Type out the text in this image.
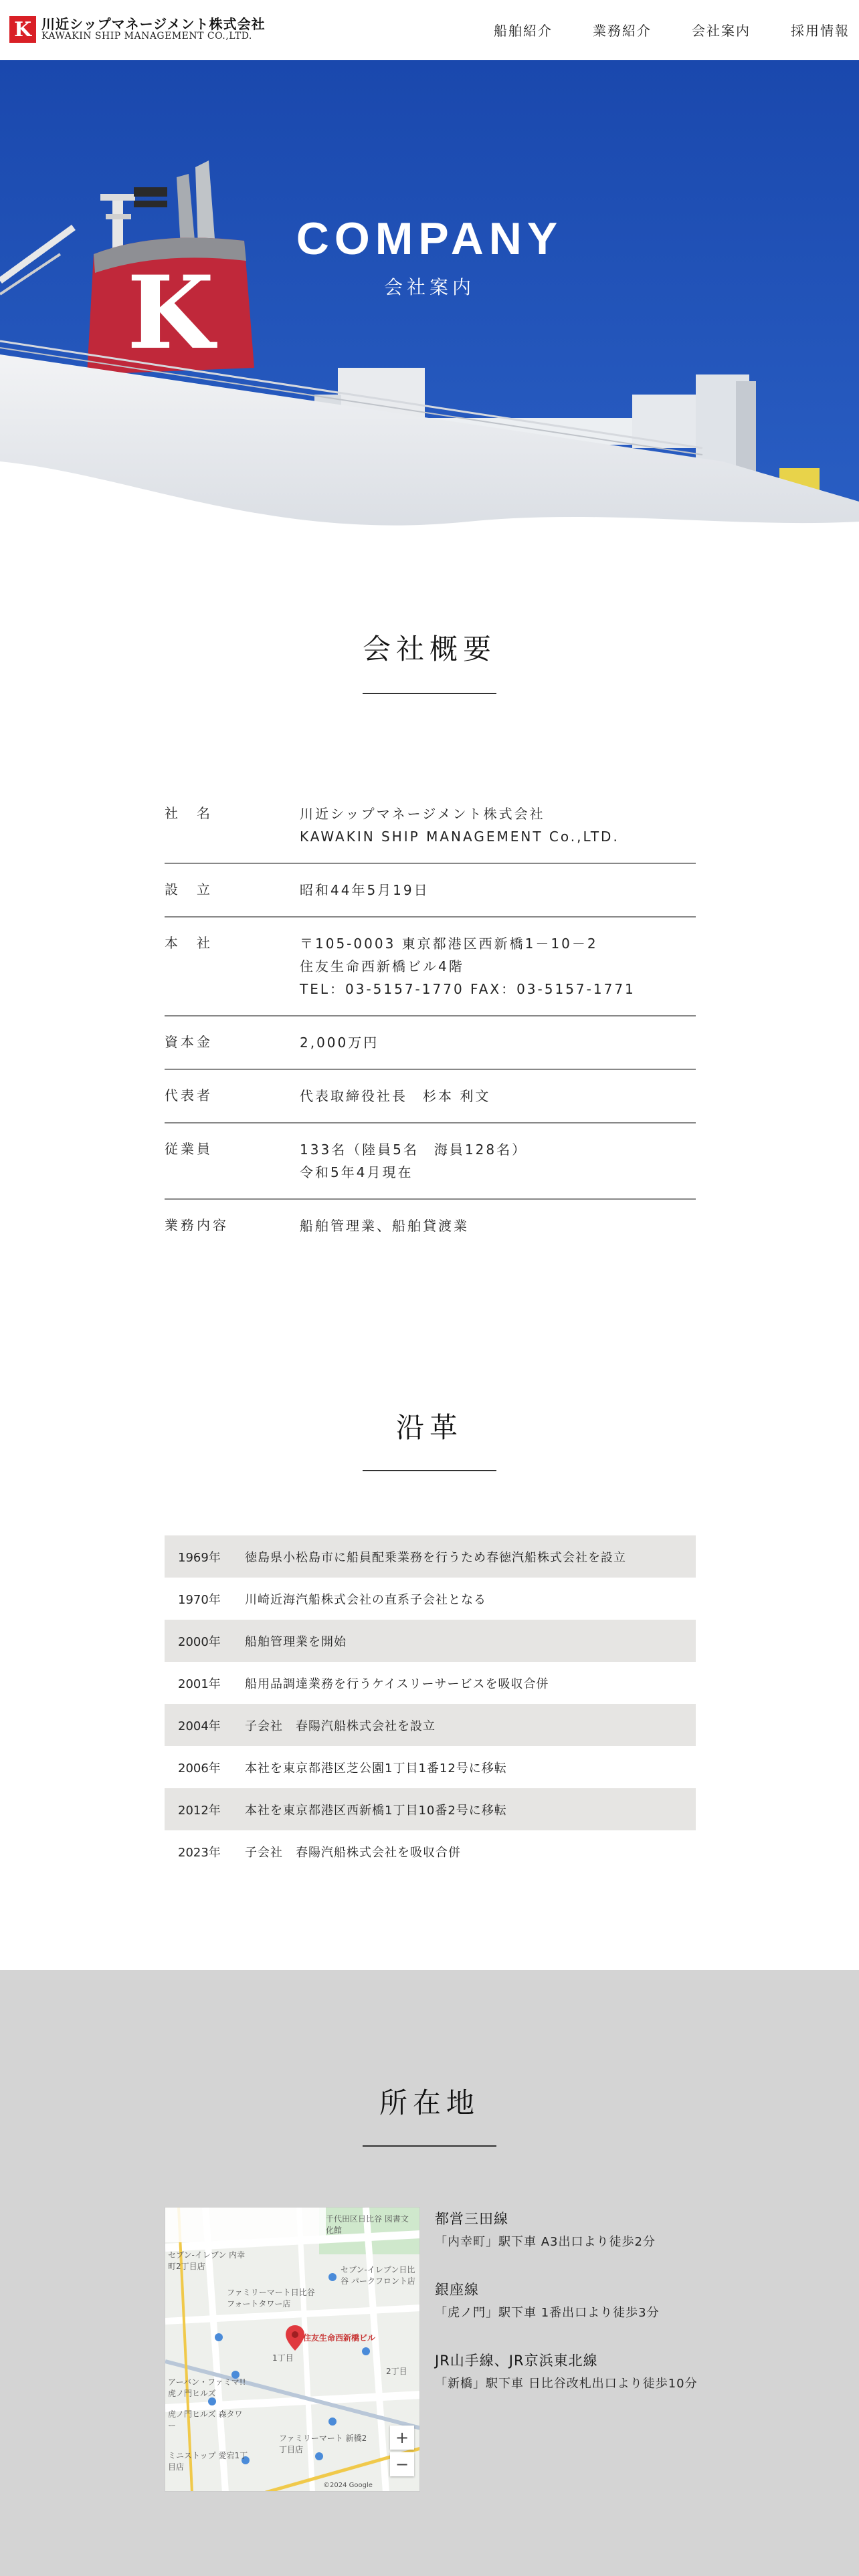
K 川近シップマネージメント株式会社
KAWAKIN SHIP MANAGEMENT CO.,LTD.	船舶紹介	業務紹介	会社案内	採用情報
K
COMPANY
会社案内
会社概要
社　名	川近シップマネージメント株式会社
KAWAKIN SHIP MANAGEMENT Co.,LTD.
設　立	昭和44年5月19日
本　社	〒105-0003 東京都港区西新橋1－10－2
住友生命西新橋ビル4階
TEL：03-5157-1770 FAX：03-5157-1771
資本金	2,000万円
代表者	代表取締役社長　杉本 利文
従業員	133名（陸員5名　海員128名）
令和5年4月現在
業務内容	船舶管理業、船舶貸渡業
沿革
1969年	徳島県小松島市に船員配乗業務を行うため春徳汽船株式会社を設立
1970年	川崎近海汽船株式会社の直系子会社となる
2000年	船舶管理業を開始
2001年	船用品調達業務を行うケイスリーサービスを吸収合併
2004年	子会社　春陽汽船株式会社を設立
2006年	本社を東京都港区芝公園1丁目1番12号に移転
2012年	本社を東京都港区西新橋1丁目10番2号に移転
2023年	子会社　春陽汽船株式会社を吸収合併
所在地
住友生命西新橋ビル
セブン-イレブン 内幸町2丁目店	セブン-イレブン日比谷 パークフロント店
ファミリーマート日比谷 フォートタワー店
アーバン・ファミマ!! 虎ノ門ヒルズ
虎ノ門ヒルズ 森タワー
ミニストップ 愛宕1丁目店
ファミリーマート 新橋2丁目店
千代田区日比谷 図書文化館
1丁目
2丁目
+
−
©2024 Google
都営三田線
「内幸町」駅下車 A3出口より徒歩2分
銀座線
「虎ノ門」駅下車 1番出口より徒歩3分
JR山手線、JR京浜東北線
「新橋」駅下車 日比谷改札出口より徒歩10分
